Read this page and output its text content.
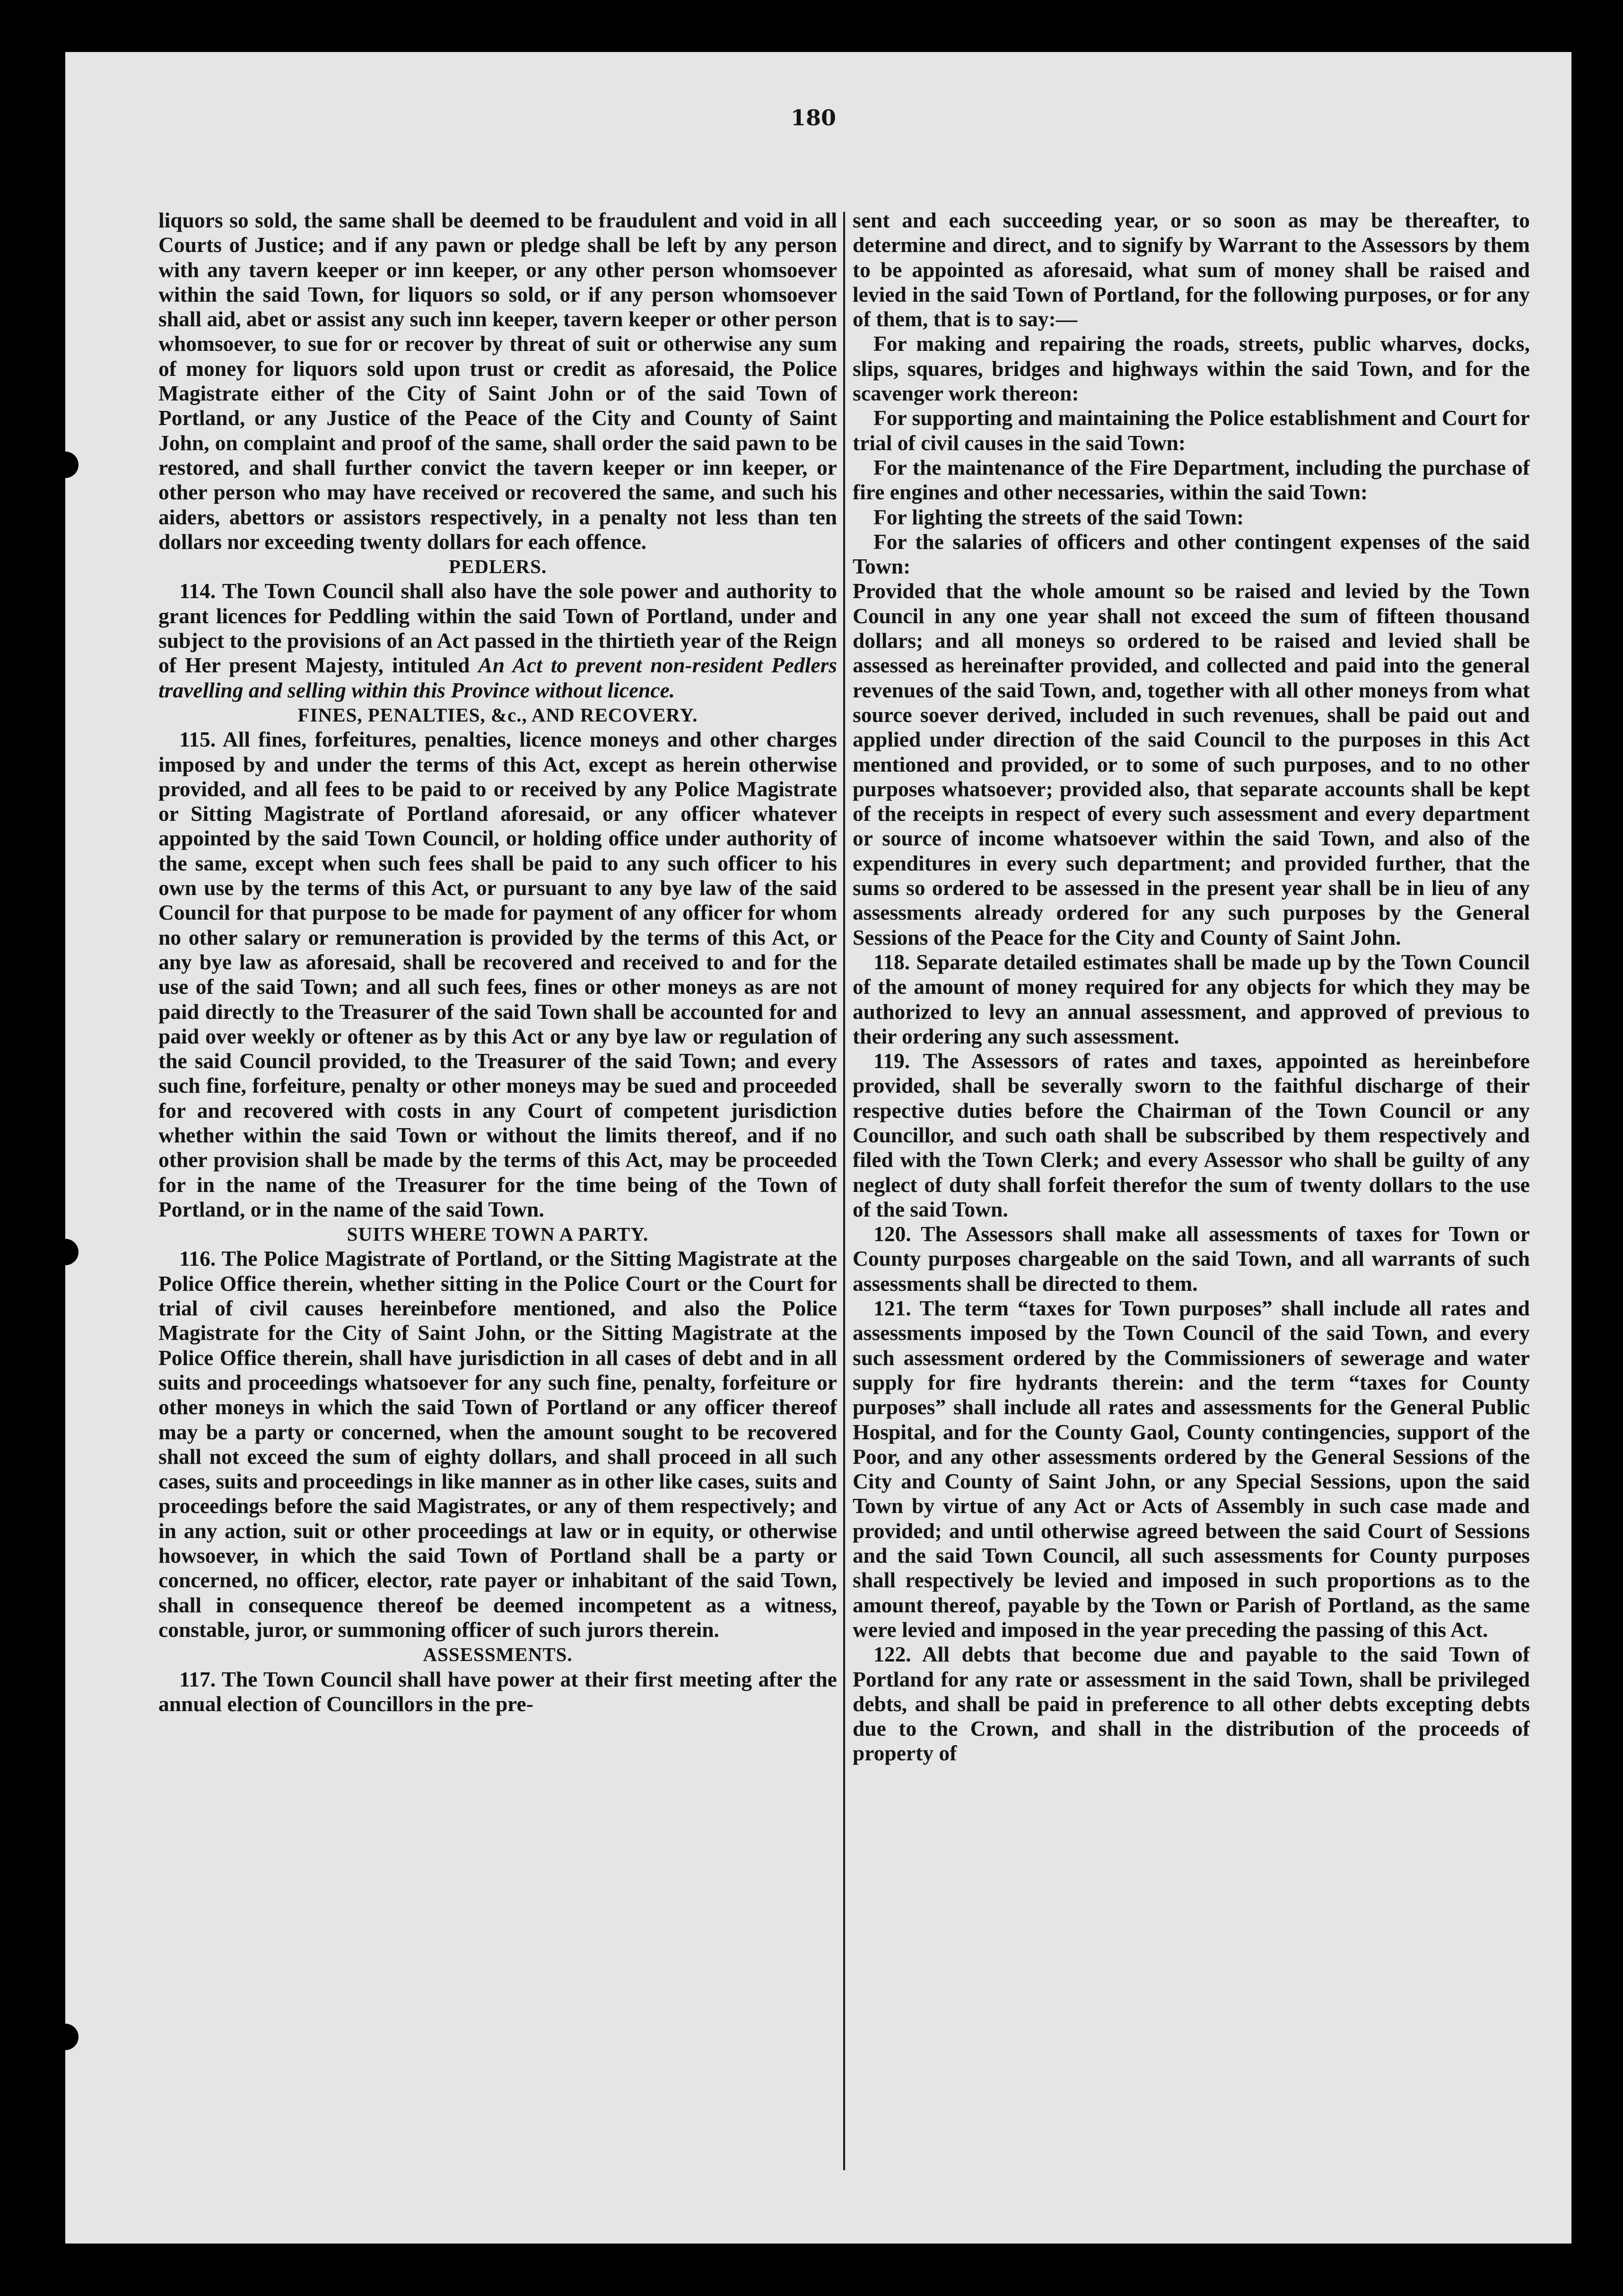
180

liquors so sold, the same shall be deemed to be fraudulent and void in all Courts of Justice; and if any pawn or pledge shall be left by any person with any tavern keeper or inn keeper, or any other person whomsoever within the said Town, for liquors so sold, or if any person whomsoever shall aid, abet or assist any such inn keeper, tavern keeper or other person whomsoever, to sue for or recover by threat of suit or otherwise any sum of money for liquors sold upon trust or credit as aforesaid, the Police Magistrate either of the City of Saint John or of the said Town of Portland, or any Justice of the Peace of the City and County of Saint John, on complaint and proof of the same, shall order the said pawn to be restored, and shall further convict the tavern keeper or inn keeper, or other person who may have received or recovered the same, and such his aiders, abettors or assistors respectively, in a penalty not less than ten dollars nor exceeding twenty dollars for each offence.

PEDLERS.

114. The Town Council shall also have the sole power and authority to grant licences for Peddling within the said Town of Portland, under and subject to the provisions of an Act passed in the thirtieth year of the Reign of Her present Majesty, intituled An Act to prevent non-resident Pedlers travelling and selling within this Province without licence.

FINES, PENALTIES, &c., AND RECOVERY.

115. All fines, forfeitures, penalties, licence moneys and other charges imposed by and under the terms of this Act, except as herein otherwise provided, and all fees to be paid to or received by any Police Magistrate or Sitting Magistrate of Portland aforesaid, or any officer whatever appointed by the said Town Council, or holding office under authority of the same, except when such fees shall be paid to any such officer to his own use by the terms of this Act, or pursuant to any bye law of the said Council for that purpose to be made for payment of any officer for whom no other salary or remuneration is provided by the terms of this Act, or any bye law as aforesaid, shall be recovered and received to and for the use of the said Town; and all such fees, fines or other moneys as are not paid directly to the Treasurer of the said Town shall be accounted for and paid over weekly or oftener as by this Act or any bye law or regulation of the said Council provided, to the Treasurer of the said Town; and every such fine, forfeiture, penalty or other moneys may be sued and proceeded for and recovered with costs in any Court of competent jurisdiction whether within the said Town or without the limits thereof, and if no other provision shall be made by the terms of this Act, may be proceeded for in the name of the Treasurer for the time being of the Town of Portland, or in the name of the said Town.

SUITS WHERE TOWN A PARTY.

116. The Police Magistrate of Portland, or the Sitting Magistrate at the Police Office therein, whether sitting in the Police Court or the Court for trial of civil causes hereinbefore mentioned, and also the Police Magistrate for the City of Saint John, or the Sitting Magistrate at the Police Office therein, shall have jurisdiction in all cases of debt and in all suits and proceedings whatsoever for any such fine, penalty, forfeiture or other moneys in which the said Town of Portland or any officer thereof may be a party or concerned, when the amount sought to be recovered shall not exceed the sum of eighty dollars, and shall proceed in all such cases, suits and proceedings in like manner as in other like cases, suits and proceedings before the said Magistrates, or any of them respectively; and in any action, suit or other proceedings at law or in equity, or otherwise howsoever, in which the said Town of Portland shall be a party or concerned, no officer, elector, rate payer or inhabitant of the said Town, shall in consequence thereof be deemed incompetent as a witness, constable, juror, or summoning officer of such jurors therein.

ASSESSMENTS.

117. The Town Council shall have power at their first meeting after the annual election of Councillors in the pre-

sent and each succeeding year, or so soon as may be thereafter, to determine and direct, and to signify by Warrant to the Assessors by them to be appointed as aforesaid, what sum of money shall be raised and levied in the said Town of Portland, for the following purposes, or for any of them, that is to say:—

For making and repairing the roads, streets, public wharves, docks, slips, squares, bridges and highways within the said Town, and for the scavenger work thereon:

For supporting and maintaining the Police establishment and Court for trial of civil causes in the said Town:

For the maintenance of the Fire Department, including the purchase of fire engines and other necessaries, within the said Town:

For lighting the streets of the said Town:

For the salaries of officers and other contingent expenses of the said Town:

Provided that the whole amount so be raised and levied by the Town Council in any one year shall not exceed the sum of fifteen thousand dollars; and all moneys so ordered to be raised and levied shall be assessed as hereinafter provided, and collected and paid into the general revenues of the said Town, and, together with all other moneys from what source soever derived, included in such revenues, shall be paid out and applied under direction of the said Council to the purposes in this Act mentioned and provided, or to some of such purposes, and to no other purposes whatsoever; provided also, that separate accounts shall be kept of the receipts in respect of every such assessment and every department or source of income whatsoever within the said Town, and also of the expenditures in every such department; and provided further, that the sums so ordered to be assessed in the present year shall be in lieu of any assessments already ordered for any such purposes by the General Sessions of the Peace for the City and County of Saint John.

118. Separate detailed estimates shall be made up by the Town Council of the amount of money required for any objects for which they may be authorized to levy an annual assessment, and approved of previous to their ordering any such assessment.

119. The Assessors of rates and taxes, appointed as hereinbefore provided, shall be severally sworn to the faithful discharge of their respective duties before the Chairman of the Town Council or any Councillor, and such oath shall be subscribed by them respectively and filed with the Town Clerk; and every Assessor who shall be guilty of any neglect of duty shall forfeit therefor the sum of twenty dollars to the use of the said Town.

120. The Assessors shall make all assessments of taxes for Town or County purposes chargeable on the said Town, and all warrants of such assessments shall be directed to them.

121. The term “taxes for Town purposes” shall include all rates and assessments imposed by the Town Council of the said Town, and every such assessment ordered by the Commissioners of sewerage and water supply for fire hydrants therein: and the term “taxes for County purposes” shall include all rates and assessments for the General Public Hospital, and for the County Gaol, County contingencies, support of the Poor, and any other assessments ordered by the General Sessions of the City and County of Saint John, or any Special Sessions, upon the said Town by virtue of any Act or Acts of Assembly in such case made and provided; and until otherwise agreed between the said Court of Sessions and the said Town Council, all such assessments for County purposes shall respectively be levied and imposed in such proportions as to the amount thereof, payable by the Town or Parish of Portland, as the same were levied and imposed in the year preceding the passing of this Act.

122. All debts that become due and payable to the said Town of Portland for any rate or assessment in the said Town, shall be privileged debts, and shall be paid in preference to all other debts excepting debts due to the Crown, and shall in the distribution of the proceeds of property of
